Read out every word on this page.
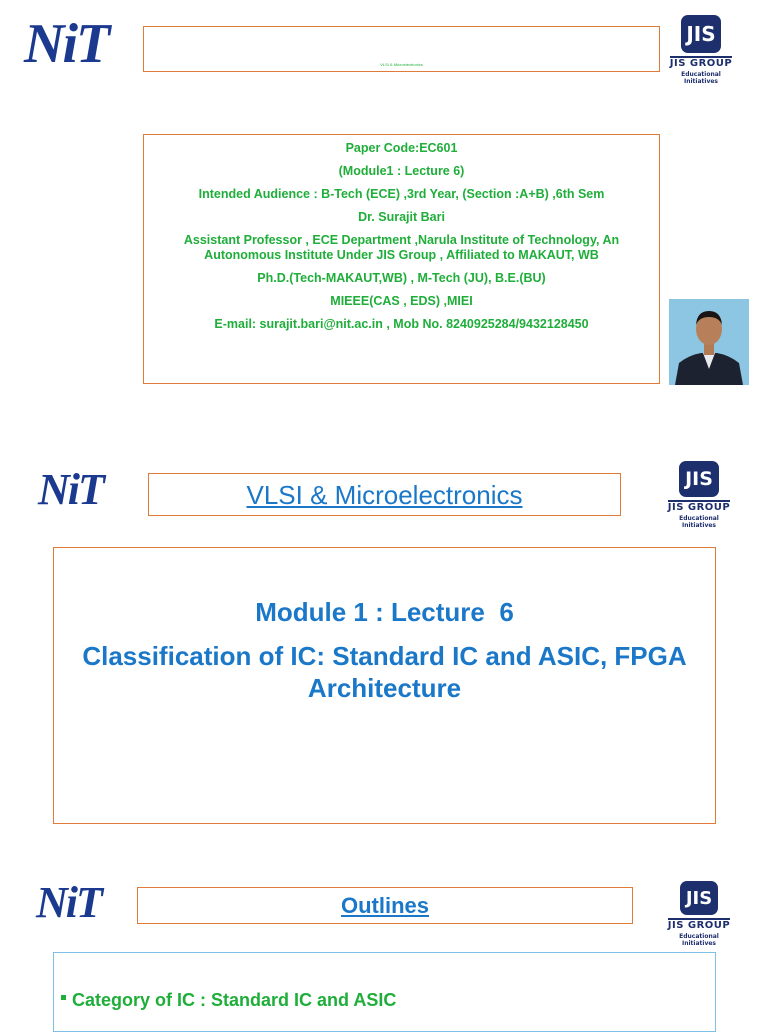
NiT	VLSI & Microelectronics
JIS
JIS GROUP
Educational Initiatives

Paper Code:EC601

(Module1 : Lecture 6)

Intended Audience : B-Tech (ECE) ,3rd Year, (Section :A+B) ,6th Sem

Dr. Surajit Bari

Assistant Professor , ECE Department ,Narula Institute of Technology, An Autonomous Institute Under JIS Group , Affiliated to MAKAUT, WB

Ph.D.(Tech-MAKAUT,WB) , M-Tech (JU), B.E.(BU)

MIEEE(CAS , EDS) ,MIEI

E-mail: surajit.bari@nit.ac.in , Mob No. 8240925284/9432128450

NiT	VLSI & Microelectronics
JIS
JIS GROUP
Educational Initiatives
Module 1 : Lecture  6
Classification of IC: Standard IC and ASIC, FPGA
Architecture
NiT	Outlines	JIS
JIS GROUP
Educational Initiatives
Category of IC : Standard IC and ASIC
